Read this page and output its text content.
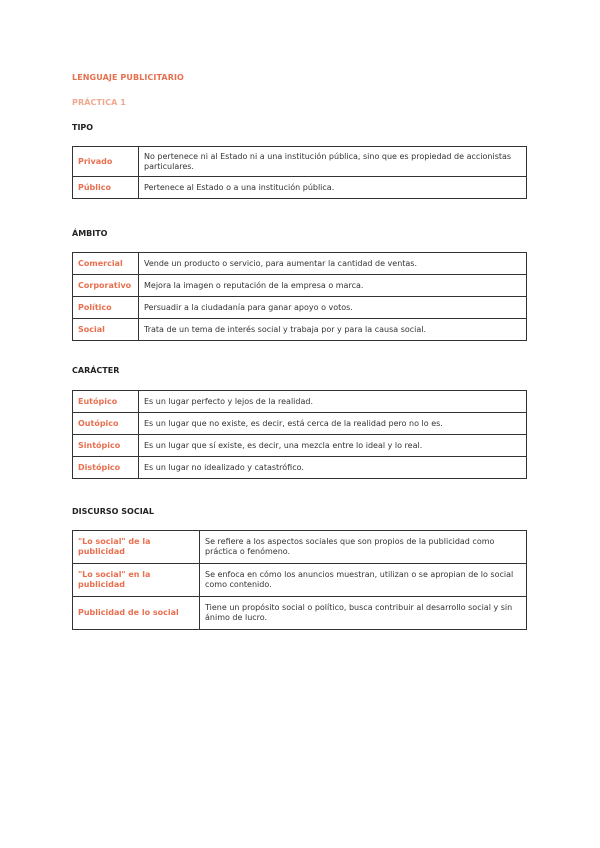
LENGUAJE PUBLICITARIO
PRÁCTICA 1
TIPO
Privado	No pertenece ni al Estado ni a una institución pública, sino que es propiedad de accionistas particulares.
Público	Pertenece al Estado o a una institución pública.
ÁMBITO
Comercial	Vende un producto o servicio, para aumentar la cantidad de ventas.
Corporativo	Mejora la imagen o reputación de la empresa o marca.
Político	Persuadir a la ciudadanía para ganar apoyo o votos.
Social	Trata de un tema de interés social y trabaja por y para la causa social.
CARÁCTER
Eutópico	Es un lugar perfecto y lejos de la realidad.
Outópico	Es un lugar que no existe, es decir, está cerca de la realidad pero no lo es.
Sintópico	Es un lugar que sí existe, es decir, una mezcla entre lo ideal y lo real.
Distópico	Es un lugar no idealizado y catastrófico.
DISCURSO SOCIAL
"Lo social" de la publicidad	Se refiere a los aspectos sociales que son propios de la publicidad como práctica o fenómeno.
"Lo social" en la publicidad	Se enfoca en cómo los anuncios muestran, utilizan o se apropian de lo social como contenido.
Publicidad de lo social	Tiene un propósito social o político, busca contribuir al desarrollo social y sin ánimo de lucro.
